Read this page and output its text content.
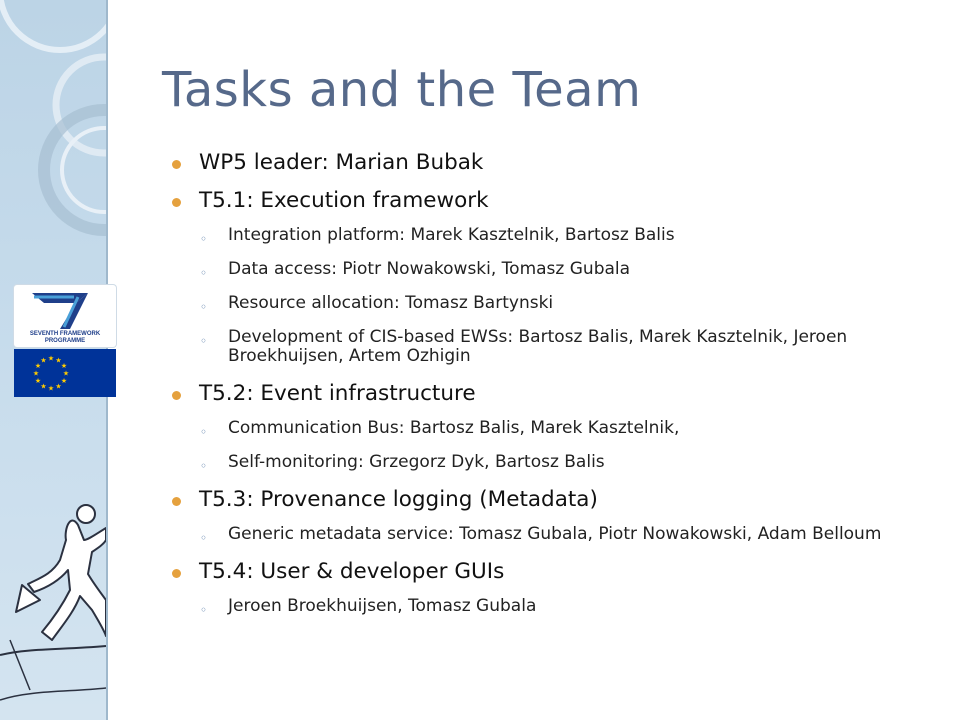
SEVENTH FRAMEWORK
PROGRAMME
★ ★
★
★
★
★
★
★
★
★
★
★
Tasks and the Team
WP5 leader: Marian Bubak
T5.1: Execution framework
◦ Integration platform: Marek Kasztelnik, Bartosz Balis
◦ Data access: Piotr Nowakowski, Tomasz Gubala
◦ Resource allocation: Tomasz Bartynski
◦ Development of CIS-based EWSs: Bartosz Balis, Marek Kasztelnik, Jeroen Broekhuijsen, Artem Ozhigin
T5.2: Event infrastructure
◦ Communication Bus: Bartosz Balis, Marek Kasztelnik,
◦ Self-monitoring: Grzegorz Dyk, Bartosz Balis
T5.3: Provenance logging (Metadata)
◦ Generic metadata service: Tomasz Gubala, Piotr Nowakowski, Adam Belloum
T5.4: User & developer GUIs
◦ Jeroen Broekhuijsen, Tomasz Gubala
